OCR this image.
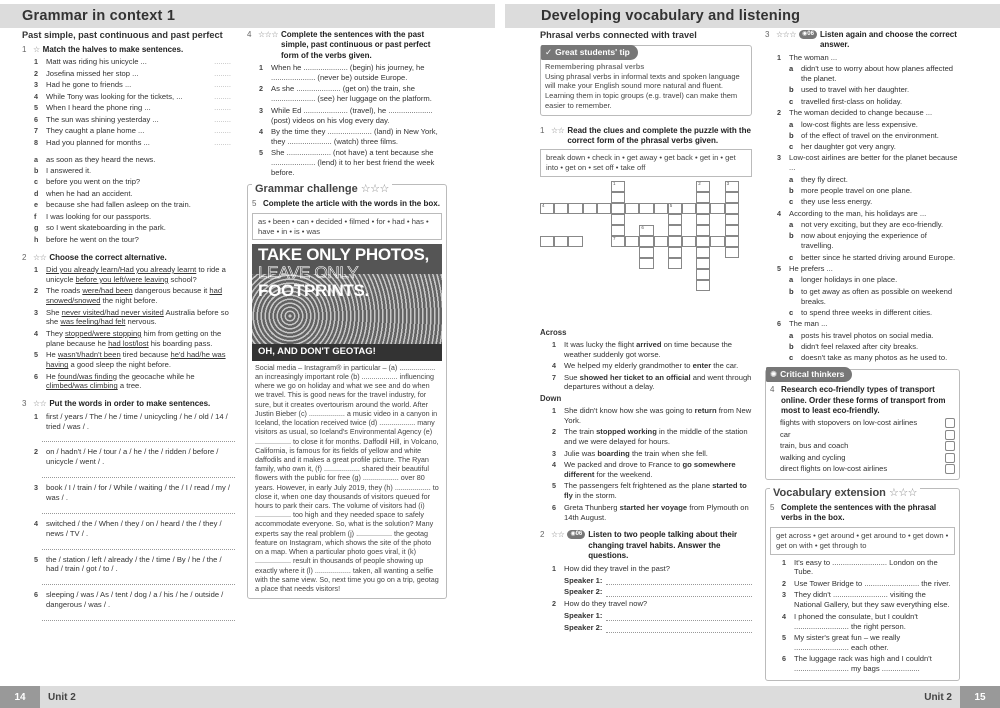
Grammar in context 1
Past simple, past continuous and past perfect
1 ☆ Match the halves to make sentences.
1	Matt was riding his unicycle ...	........
2	Josefina missed her stop ...	........
3	Had he gone to friends ...	........
4	While Tony was looking for the tickets, ...	........
5	When I heard the phone ring ...	........
6	The sun was shining yesterday ...	........
7	They caught a plane home ...	........
8	Had you planned for months ...	........
a	as soon as they heard the news.
b	I answered it.
c	before you went on the trip?
d	when he had an accident.
e	because she had fallen asleep on the train.
f	I was looking for our passports.
g	so I went skateboarding in the park.
h	before he went on the tour?
2 ☆☆ Choose the correct alternative.
1	Did you already learn/Had you already learnt to ride a unicycle before you left/were leaving school?
2	The roads were/had been dangerous because it had snowed/snowed the night before.
3	She never visited/had never visited Australia before so she was feeling/had felt nervous.
4	They stopped/were stopping him from getting on the plane because he had lost/lost his boarding pass.
5	He wasn't/hadn't been tired because he'd had/he was having a good sleep the night before.
6	He found/was finding the geocache while he climbed/was climbing a tree.
3 ☆☆ Put the words in order to make sentences.
1	first / years / The / he / time / unicycling / he / old / 14 / tried / was / .
2	on / hadn't / He / tour / a / he / the / ridden / before / unicycle / went / .
3	book / I / train / for / While / waiting / the / I / read / my / was / .
4	switched / the / When / they / on / heard / the / they / news / TV / .
5	the / station / left / already / the / time / By / he / the / had / train / got / to / .
6	sleeping / was / As / tent / dog / a / his / he / outside / dangerous / was / .
4 ☆☆☆ Complete the sentences with the past simple, past continuous or past perfect form of the verbs given.
1	When he ..................... (begin) his journey, he ..................... (never be) outside Europe.
2	As she ..................... (get on) the train, she ..................... (see) her luggage on the platform.
3	While Ed ..................... (travel), he ..................... (post) videos on his vlog every day.
4	By the time they ..................... (land) in New York, they ..................... (watch) three films.
5	She ..................... (not have) a tent because she ..................... (lend) it to her best friend the week before.
Grammar challenge ☆☆☆
5 Complete the article with the words in the box.
as • been • can • decided • filmed • for • had • has • have • in • is • was
TAKE ONLY PHOTOS,
LEAVE ONLY
FOOTPRINTS.
OH, AND DON'T GEOTAG!
Social media – Instagram® in particular – (a) .................. an increasingly important role (b) .................. influencing where we go on holiday and what we see and do when we travel. This is good news for the travel industry, for sure, but it creates overtourism around the world. After Justin Bieber (c) .................. a music video in a canyon in Iceland, the location received twice (d) .................. many visitors as usual, so Iceland's Environmental Agency (e) .................. to close it for months. Daffodil Hill, in Volcano, California, is famous for its fields of yellow and white daffodils and it makes a great profile picture. The Ryan family, who own it, (f) .................. shared their beautiful flowers with the public for free (g) .................. over 80 years. However, in early July 2019, they (h) .................. to close it, when one day thousands of visitors queued for hours to park their cars. The volume of visitors had (i) .................. too high and they needed space to safely accommodate everyone. So, what is the solution? Many experts say the real problem (j) .................. the geotag feature on Instagram, which shows the site of the photo on a map. When a particular photo goes viral, it (k) .................. result in thousands of people showing up exactly where it (l) .................. taken, all wanting a selfie with the same view. So, next time you go on a trip, geotag a place that needs visitors!
14	Unit 2
Developing vocabulary and listening
Phrasal verbs connected with travel
✓ Great students' tip
Remembering phrasal verbs
Using phrasal verbs in informal texts and spoken language will make your English sound more natural and fluent. Learning them in topic groups (e.g. travel) can make them easier to remember.
1 ☆☆ Read the clues and complete the puzzle with the correct form of the phrasal verbs given.
break down • check in • get away • get back • get in • get into • get on • set off • take off
1
7
2	3
4	5
6
Across
1	It was lucky the flight arrived on time because the weather suddenly got worse.
4	We helped my elderly grandmother to enter the car.
7	Sue showed her ticket to an official and went through departures without a delay.
Down
1	She didn't know how she was going to return from New York.
2	The train stopped working in the middle of the station and we were delayed for hours.
3	Julie was boarding the train when she fell.
4	We packed and drove to France to go somewhere different for the weekend.
5	The passengers felt frightened as the plane started to fly in the storm.
6	Greta Thunberg started her voyage from Plymouth on 14th August.
2 ☆☆	◉ 06 Listen to two people talking about their changing travel habits. Answer the questions.
1	How did they travel in the past?
Speaker 1:
Speaker 2:
2	How do they travel now?
Speaker 1:
Speaker 2:
3 ☆☆☆	◉ 06 Listen again and choose the correct answer.
1	The woman ...
a	didn't use to worry about how planes affected the planet.
b used to travel with her daughter.
c	travelled first-class on holiday.
2	The woman decided to change because ...
a	low-cost flights are less expensive.
b of the effect of travel on the environment.
c	her daughter got very angry.
3	Low-cost airlines are better for the planet because ...
a	they fly direct.
b more people travel on one plane.
c	they use less energy.
4	According to the man, his holidays are ...
a	not very exciting, but they are eco-friendly.
b now about enjoying the experience of travelling.
c	better since he started driving around Europe.
5	He prefers ...
a	longer holidays in one place.
b to get away as often as possible on weekend breaks.
c	to spend three weeks in different cities.
6	The man ...
a	posts his travel photos on social media.
b didn't feel relaxed after city breaks.
c	doesn't take as many photos as he used to.
✺ Critical thinkers
4 Research eco-friendly types of transport online. Order these forms of transport from most to least eco-friendly.
flights with stopovers on low-cost airlines
car
train, bus and coach
walking and cycling
direct flights on low-cost airlines
Vocabulary extension ☆☆☆
5 Complete the sentences with the phrasal verbs in the box.
get across • get around • get around to • get down • get on with • get through to
1	It's easy to .......................... London on the Tube.
2	Use Tower Bridge to .......................... the river.
3	They didn't .......................... visiting the National Gallery, but they saw everything else.
4	I phoned the consulate, but I couldn't .......................... the right person.
5	My sister's great fun – we really .......................... each other.
6	The luggage rack was high and I couldn't .......................... my bags ..................
Unit 2	15
